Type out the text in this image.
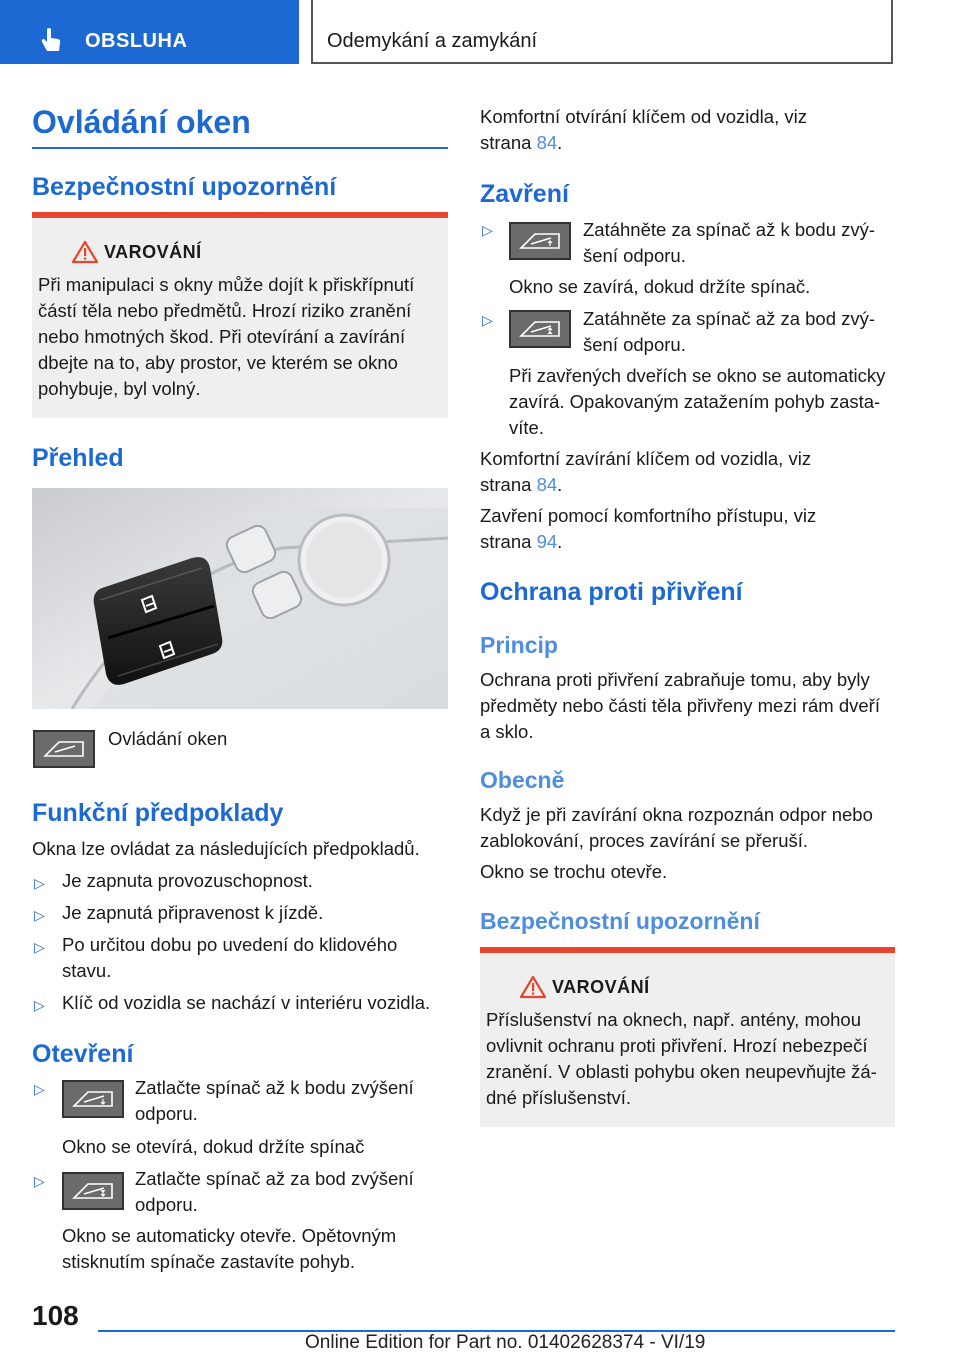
OBSLUHA	Odemykání a zamykání
Ovládání oken
Bezpečnostní upozornění
VAROVÁNÍ
Při manipulaci s okny může dojít k přiskřípnutí
částí těla nebo předmětů. Hrozí riziko zranění
nebo hmotných škod. Při otevírání a zavírání
dbejte na to, aby prostor, ve kterém se okno
pohybuje, byl volný.
Přehled

Ovládání oken

Funkční předpoklady

Okna lze ovládat za následujících předpokladů.

▷ Je zapnuta provozuschopnost.

▷ Je zapnutá připravenost k jízdě.

▷ Po určitou dobu po uvedení do klidového

stavu.

▷ Klíč od vozidla se nachází v interiéru vozidla.

Otevření
▷	Zatlačte spínač až k bodu zvýšení

odporu.

Okno se otevírá, dokud držíte spínač

▷	Zatlačte spínač až za bod zvýšení

odporu.

Okno se automaticky otevře. Opětovným

stisknutím spínače zastavíte pohyb.

Komfortní otvírání klíčem od vozidla, viz

strana 84.

Zavření
▷	Zatáhněte za spínač až k bodu zvý-

šení odporu.

Okno se zavírá, dokud držíte spínač.

▷	Zatáhněte za spínač až za bod zvý-

šení odporu.

Při zavřených dveřích se okno se automaticky

zavírá. Opakovaným zatažením pohyb zasta-

víte.

Komfortní zavírání klíčem od vozidla, viz

strana 84.

Zavření pomocí komfortního přístupu, viz

strana 94.

Ochrana proti přivření
Princip

Ochrana proti přivření zabraňuje tomu, aby byly

předměty nebo části těla přivřeny mezi rám dveří

a sklo.

Obecně

Když je při zavírání okna rozpoznán odpor nebo

zablokování, proces zavírání se přeruší.

Okno se trochu otevře.

Bezpečnostní upozornění
VAROVÁNÍ
Příslušenství na oknech, např. antény, mohou
ovlivnit ochranu proti přivření. Hrozí nebezpečí
zranění. V oblasti pohybu oken neupevňujte žá-
dné příslušenství.
108
Online Edition for Part no. 01402628374 - VI/19
